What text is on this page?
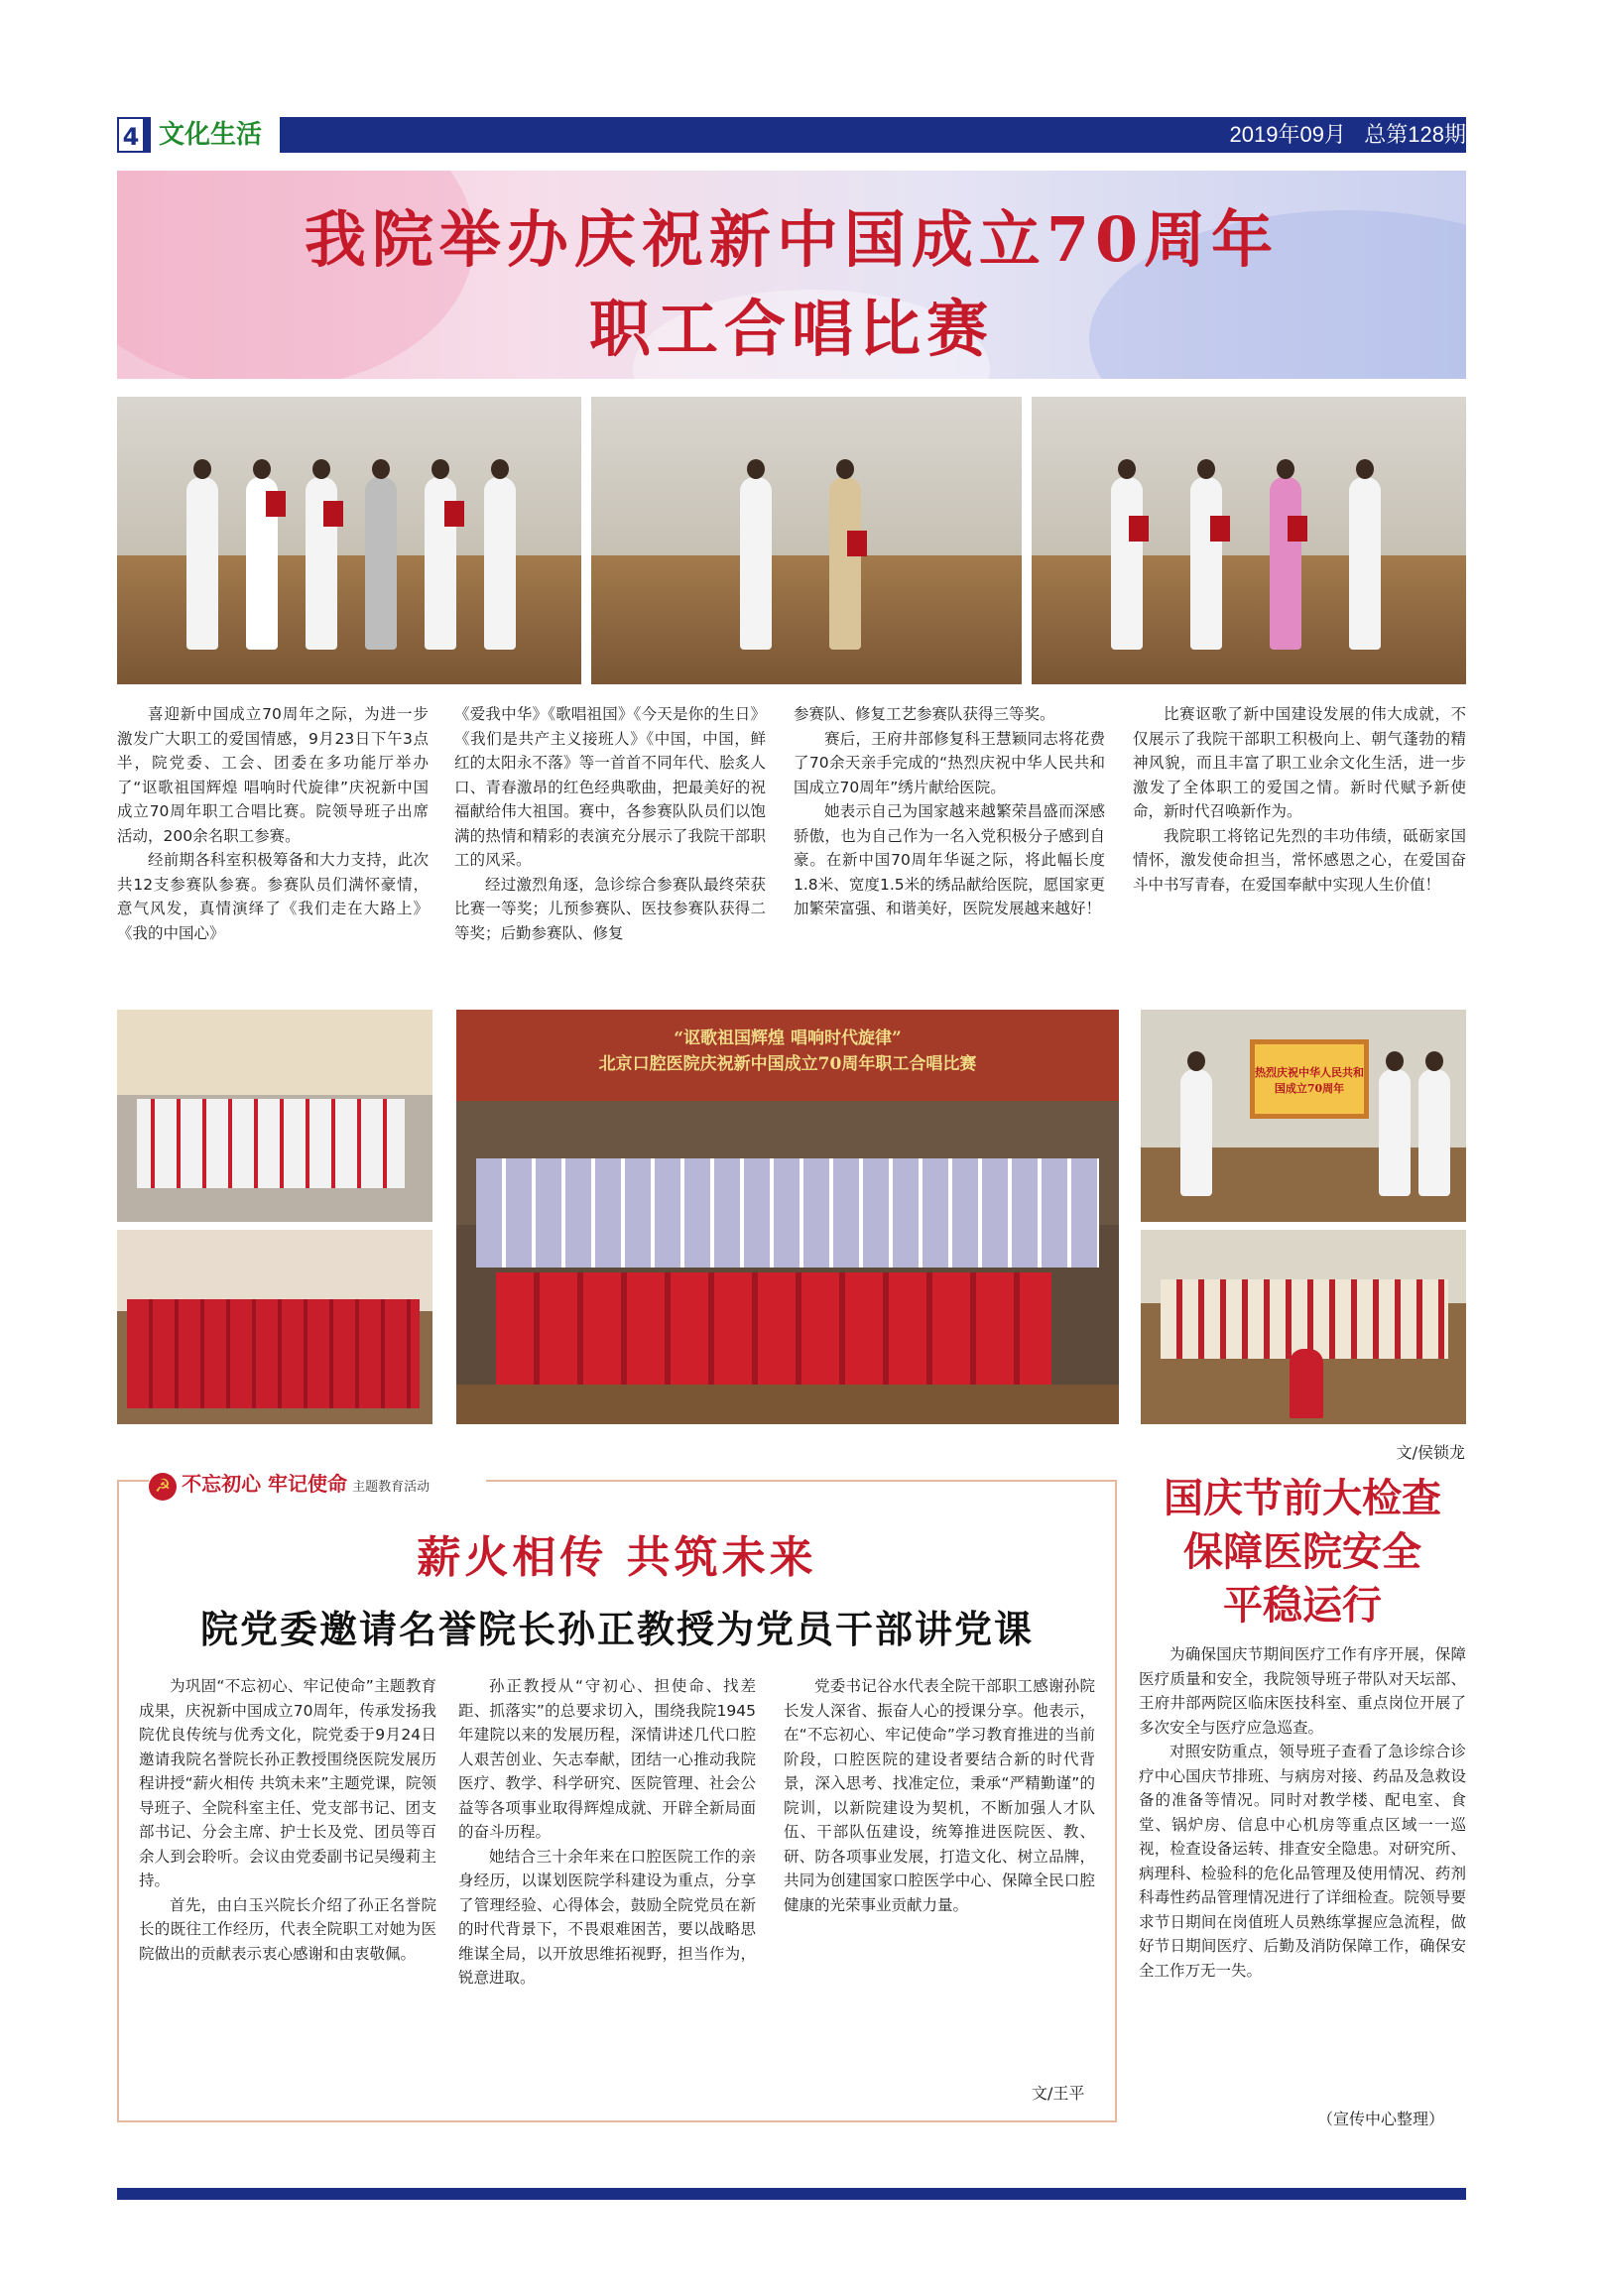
4 文化生活	2019年09月 总第128期
我院举办庆祝新中国成立70周年
职工合唱比赛

喜迎新中国成立70周年之际，为进一步激发广大职工的爱国情感，9月23日下午3点半，院党委、工会、团委在多功能厅举办了“讴歌祖国辉煌 唱响时代旋律”庆祝新中国成立70周年职工合唱比赛。院领导班子出席活动，200余名职工参赛。

经前期各科室积极筹备和大力支持，此次共12支参赛队参赛。参赛队员们满怀豪情，意气风发，真情演绎了《我们走在大路上》《我的中国心》

《爱我中华》《歌唱祖国》《今天是你的生日》《我们是共产主义接班人》《中国，中国，鲜红的太阳永不落》等一首首不同年代、脍炙人口、青春激昂的红色经典歌曲，把最美好的祝福献给伟大祖国。赛中，各参赛队队员们以饱满的热情和精彩的表演充分展示了我院干部职工的风采。

经过激烈角逐，急诊综合参赛队最终荣获比赛一等奖；儿预参赛队、医技参赛队获得二等奖；后勤参赛队、修复

参赛队、修复工艺参赛队获得三等奖。

赛后，王府井部修复科王慧颖同志将花费了70余天亲手完成的“热烈庆祝中华人民共和国成立70周年”绣片献给医院。

她表示自己为国家越来越繁荣昌盛而深感骄傲，也为自己作为一名入党积极分子感到自豪。在新中国70周年华诞之际，将此幅长度1.8米、宽度1.5米的绣品献给医院，愿国家更加繁荣富强、和谐美好，医院发展越来越好！

比赛讴歌了新中国建设发展的伟大成就，不仅展示了我院干部职工积极向上、朝气蓬勃的精神风貌，而且丰富了职工业余文化生活，进一步激发了全体职工的爱国之情。新时代赋予新使命，新时代召唤新作为。

我院职工将铭记先烈的丰功伟绩，砥砺家国情怀，激发使命担当，常怀感恩之心，在爱国奋斗中书写青春，在爱国奉献中实现人生价值！

“讴歌祖国辉煌 唱响时代旋律”
北京口腔医院庆祝新中国成立70周年职工合唱比赛	热烈庆祝中华人民共和国成立70周年
文/侯锁龙
☭ 不忘初心 牢记使命 主题教育活动
薪火相传 共筑未来
院党委邀请名誉院长孙正教授为党员干部讲党课

为巩固“不忘初心、牢记使命”主题教育成果，庆祝新中国成立70周年，传承发扬我院优良传统与优秀文化，院党委于9月24日邀请我院名誉院长孙正教授围绕医院发展历程讲授“薪火相传 共筑未来”主题党课，院领导班子、全院科室主任、党支部书记、团支部书记、分会主席、护士长及党、团员等百余人到会聆听。会议由党委副书记吴缦莉主持。

首先，由白玉兴院长介绍了孙正名誉院长的既往工作经历，代表全院职工对她为医院做出的贡献表示衷心感谢和由衷敬佩。

孙正教授从“守初心、担使命、找差距、抓落实”的总要求切入，围绕我院1945年建院以来的发展历程，深情讲述几代口腔人艰苦创业、矢志奉献，团结一心推动我院医疗、教学、科学研究、医院管理、社会公益等各项事业取得辉煌成就、开辟全新局面的奋斗历程。

她结合三十余年来在口腔医院工作的亲身经历，以谋划医院学科建设为重点，分享了管理经验、心得体会，鼓励全院党员在新的时代背景下，不畏艰难困苦，要以战略思维谋全局，以开放思维拓视野，担当作为，锐意进取。

党委书记谷水代表全院干部职工感谢孙院长发人深省、振奋人心的授课分享。他表示，在“不忘初心、牢记使命”学习教育推进的当前阶段，口腔医院的建设者要结合新的时代背景，深入思考、找准定位，秉承“严精勤谨”的院训，以新院建设为契机，不断加强人才队伍、干部队伍建设，统筹推进医院医、教、研、防各项事业发展，打造文化、树立品牌，共同为创建国家口腔医学中心、保障全民口腔健康的光荣事业贡献力量。

文/王平
国庆节前大检查
保障医院安全
平稳运行

为确保国庆节期间医疗工作有序开展，保障医疗质量和安全，我院领导班子带队对天坛部、王府井部两院区临床医技科室、重点岗位开展了多次安全与医疗应急巡查。

对照安防重点，领导班子查看了急诊综合诊疗中心国庆节排班、与病房对接、药品及急救设备的准备等情况。同时对教学楼、配电室、食堂、锅炉房、信息中心机房等重点区域一一巡视，检查设备运转、排查安全隐患。对研究所、病理科、检验科的危化品管理及使用情况、药剂科毒性药品管理情况进行了详细检查。院领导要求节日期间在岗值班人员熟练掌握应急流程，做好节日期间医疗、后勤及消防保障工作，确保安全工作万无一失。

（宣传中心整理）
